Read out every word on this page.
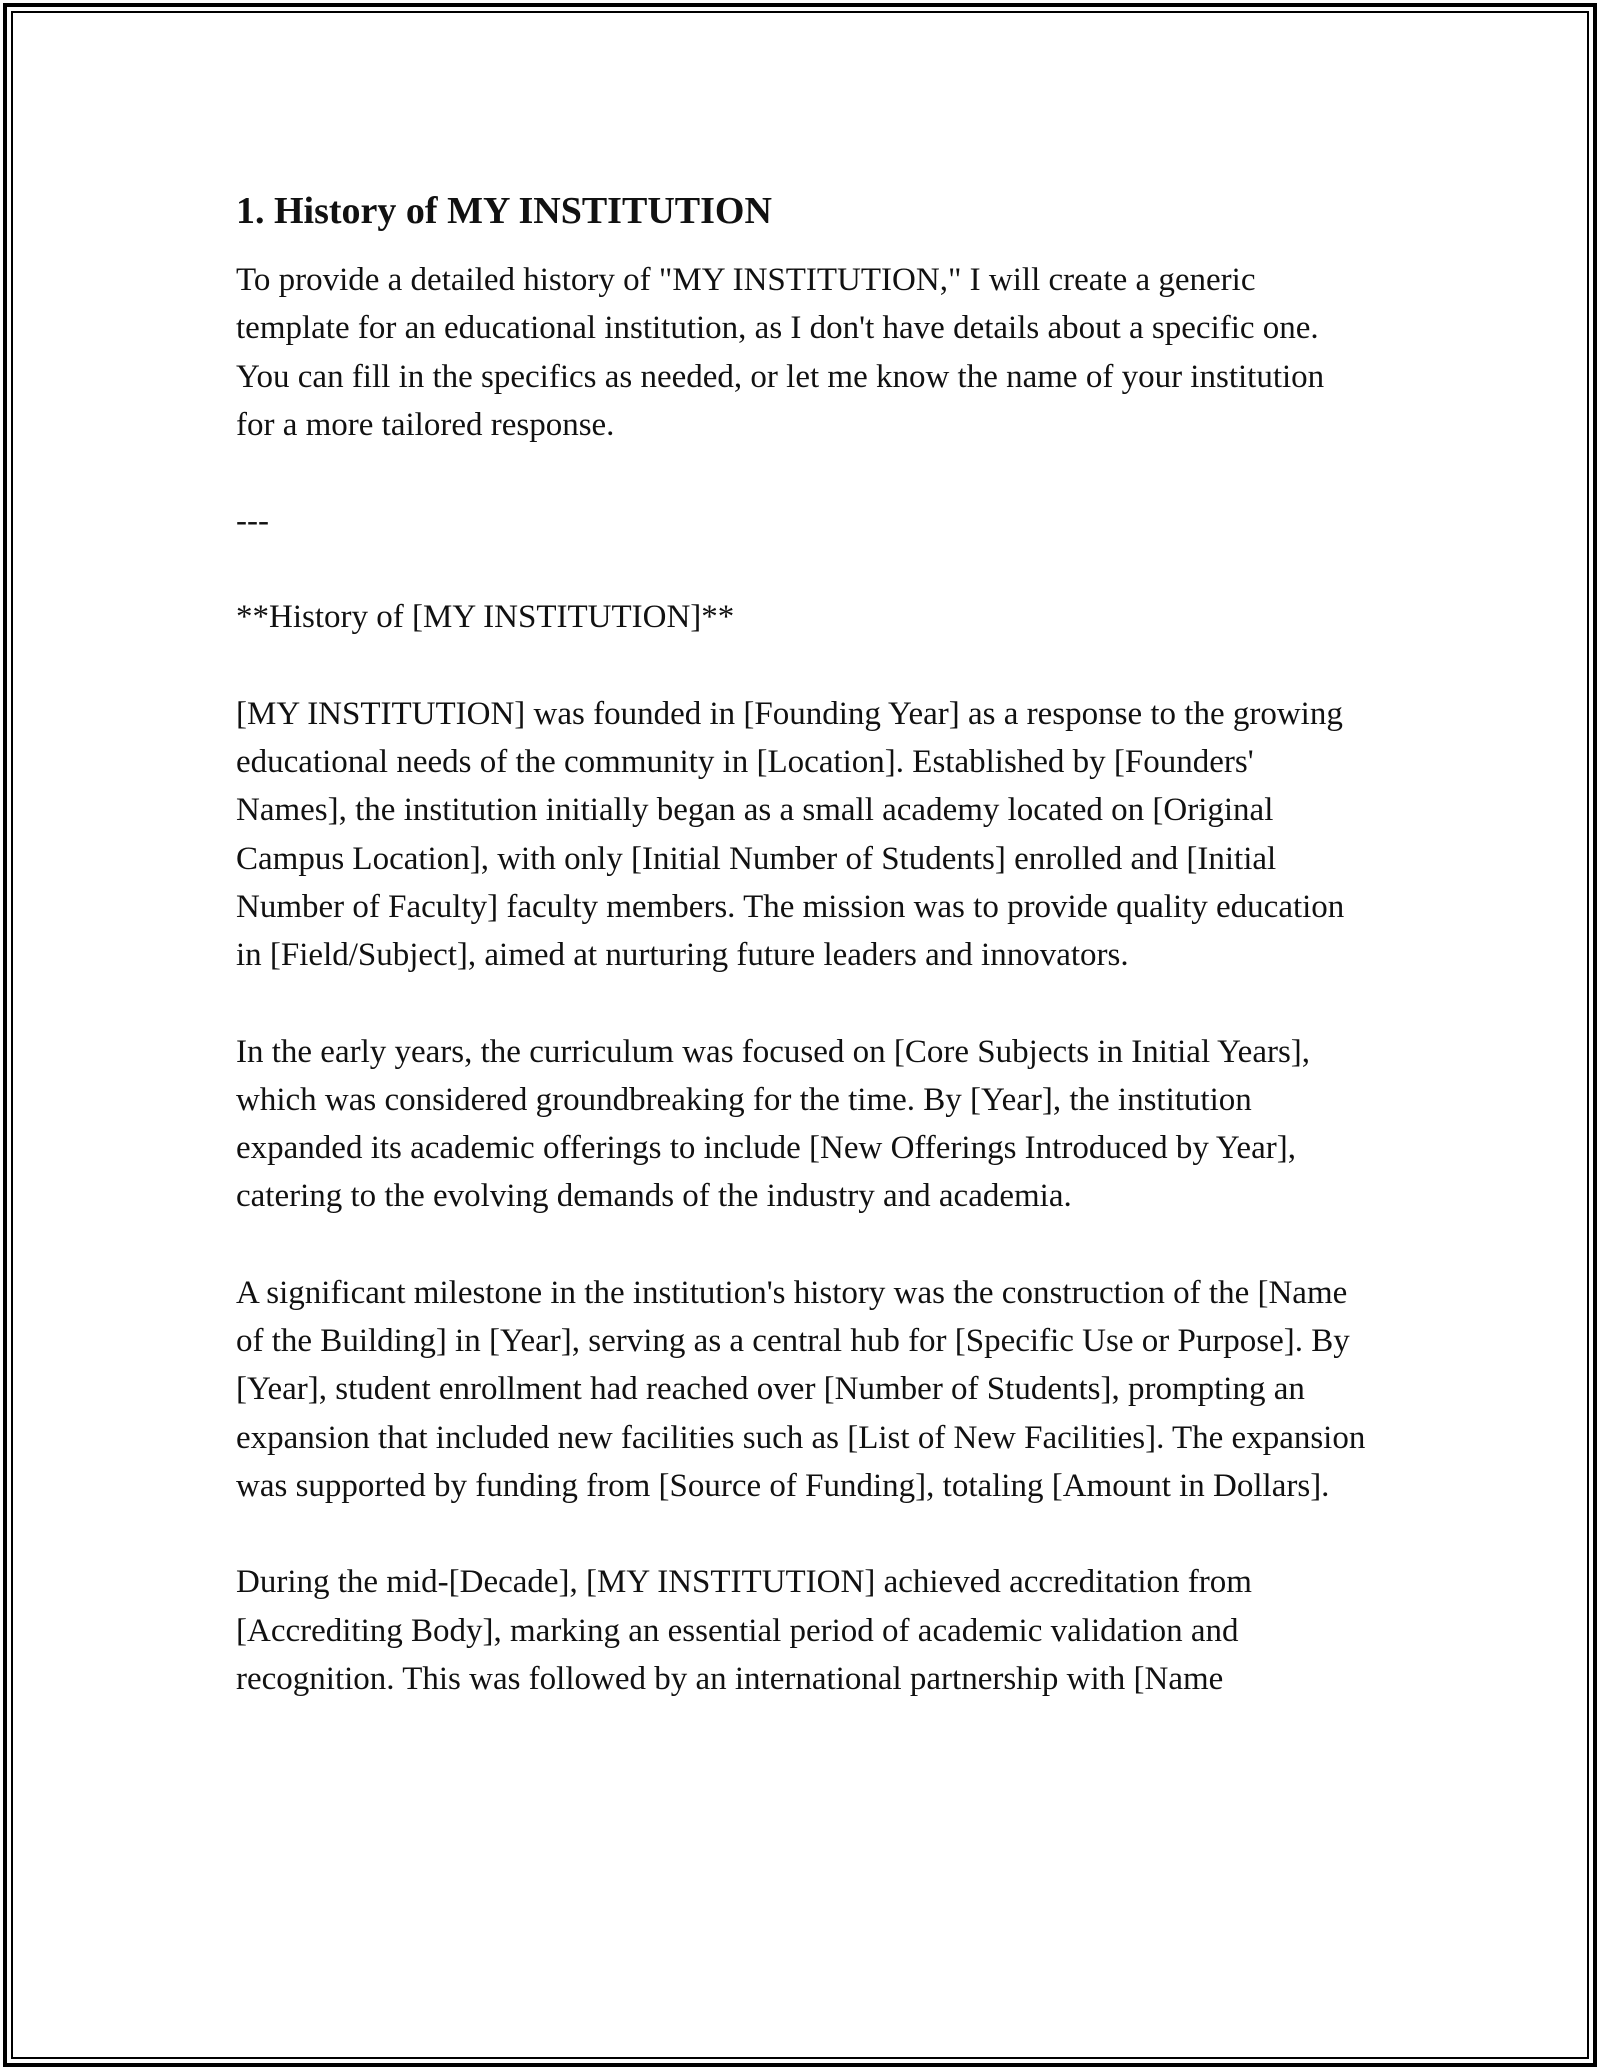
1. History of MY INSTITUTION

To provide a detailed history of "MY INSTITUTION," I will create a generic template for an educational institution, as I don't have details about a specific one. You can fill in the specifics as needed, or let me know the name of your institution for a more tailored response.

---
**History of [MY INSTITUTION]**

[MY INSTITUTION] was founded in [Founding Year] as a response to the growing educational needs of the community in [Location]. Established by [Founders' Names], the institution initially began as a small academy located on [Original Campus Location], with only [Initial Number of Students] enrolled and [Initial Number of Faculty] faculty members. The mission was to provide quality education in [Field/Subject], aimed at nurturing future leaders and innovators.

In the early years, the curriculum was focused on [Core Subjects in Initial Years], which was considered groundbreaking for the time. By [Year], the institution expanded its academic offerings to include [New Offerings Introduced by Year], catering to the evolving demands of the industry and academia.

A significant milestone in the institution's history was the construction of the [Name of the Building] in [Year], serving as a central hub for [Specific Use or Purpose]. By [Year], student enrollment had reached over [Number of Students], prompting an expansion that included new facilities such as [List of New Facilities]. The expansion was supported by funding from [Source of Funding], totaling [Amount in Dollars].

During the mid-[Decade], [MY INSTITUTION] achieved accreditation from [Accrediting Body], marking an essential period of academic validation and recognition. This was followed by an international partnership with [Name
